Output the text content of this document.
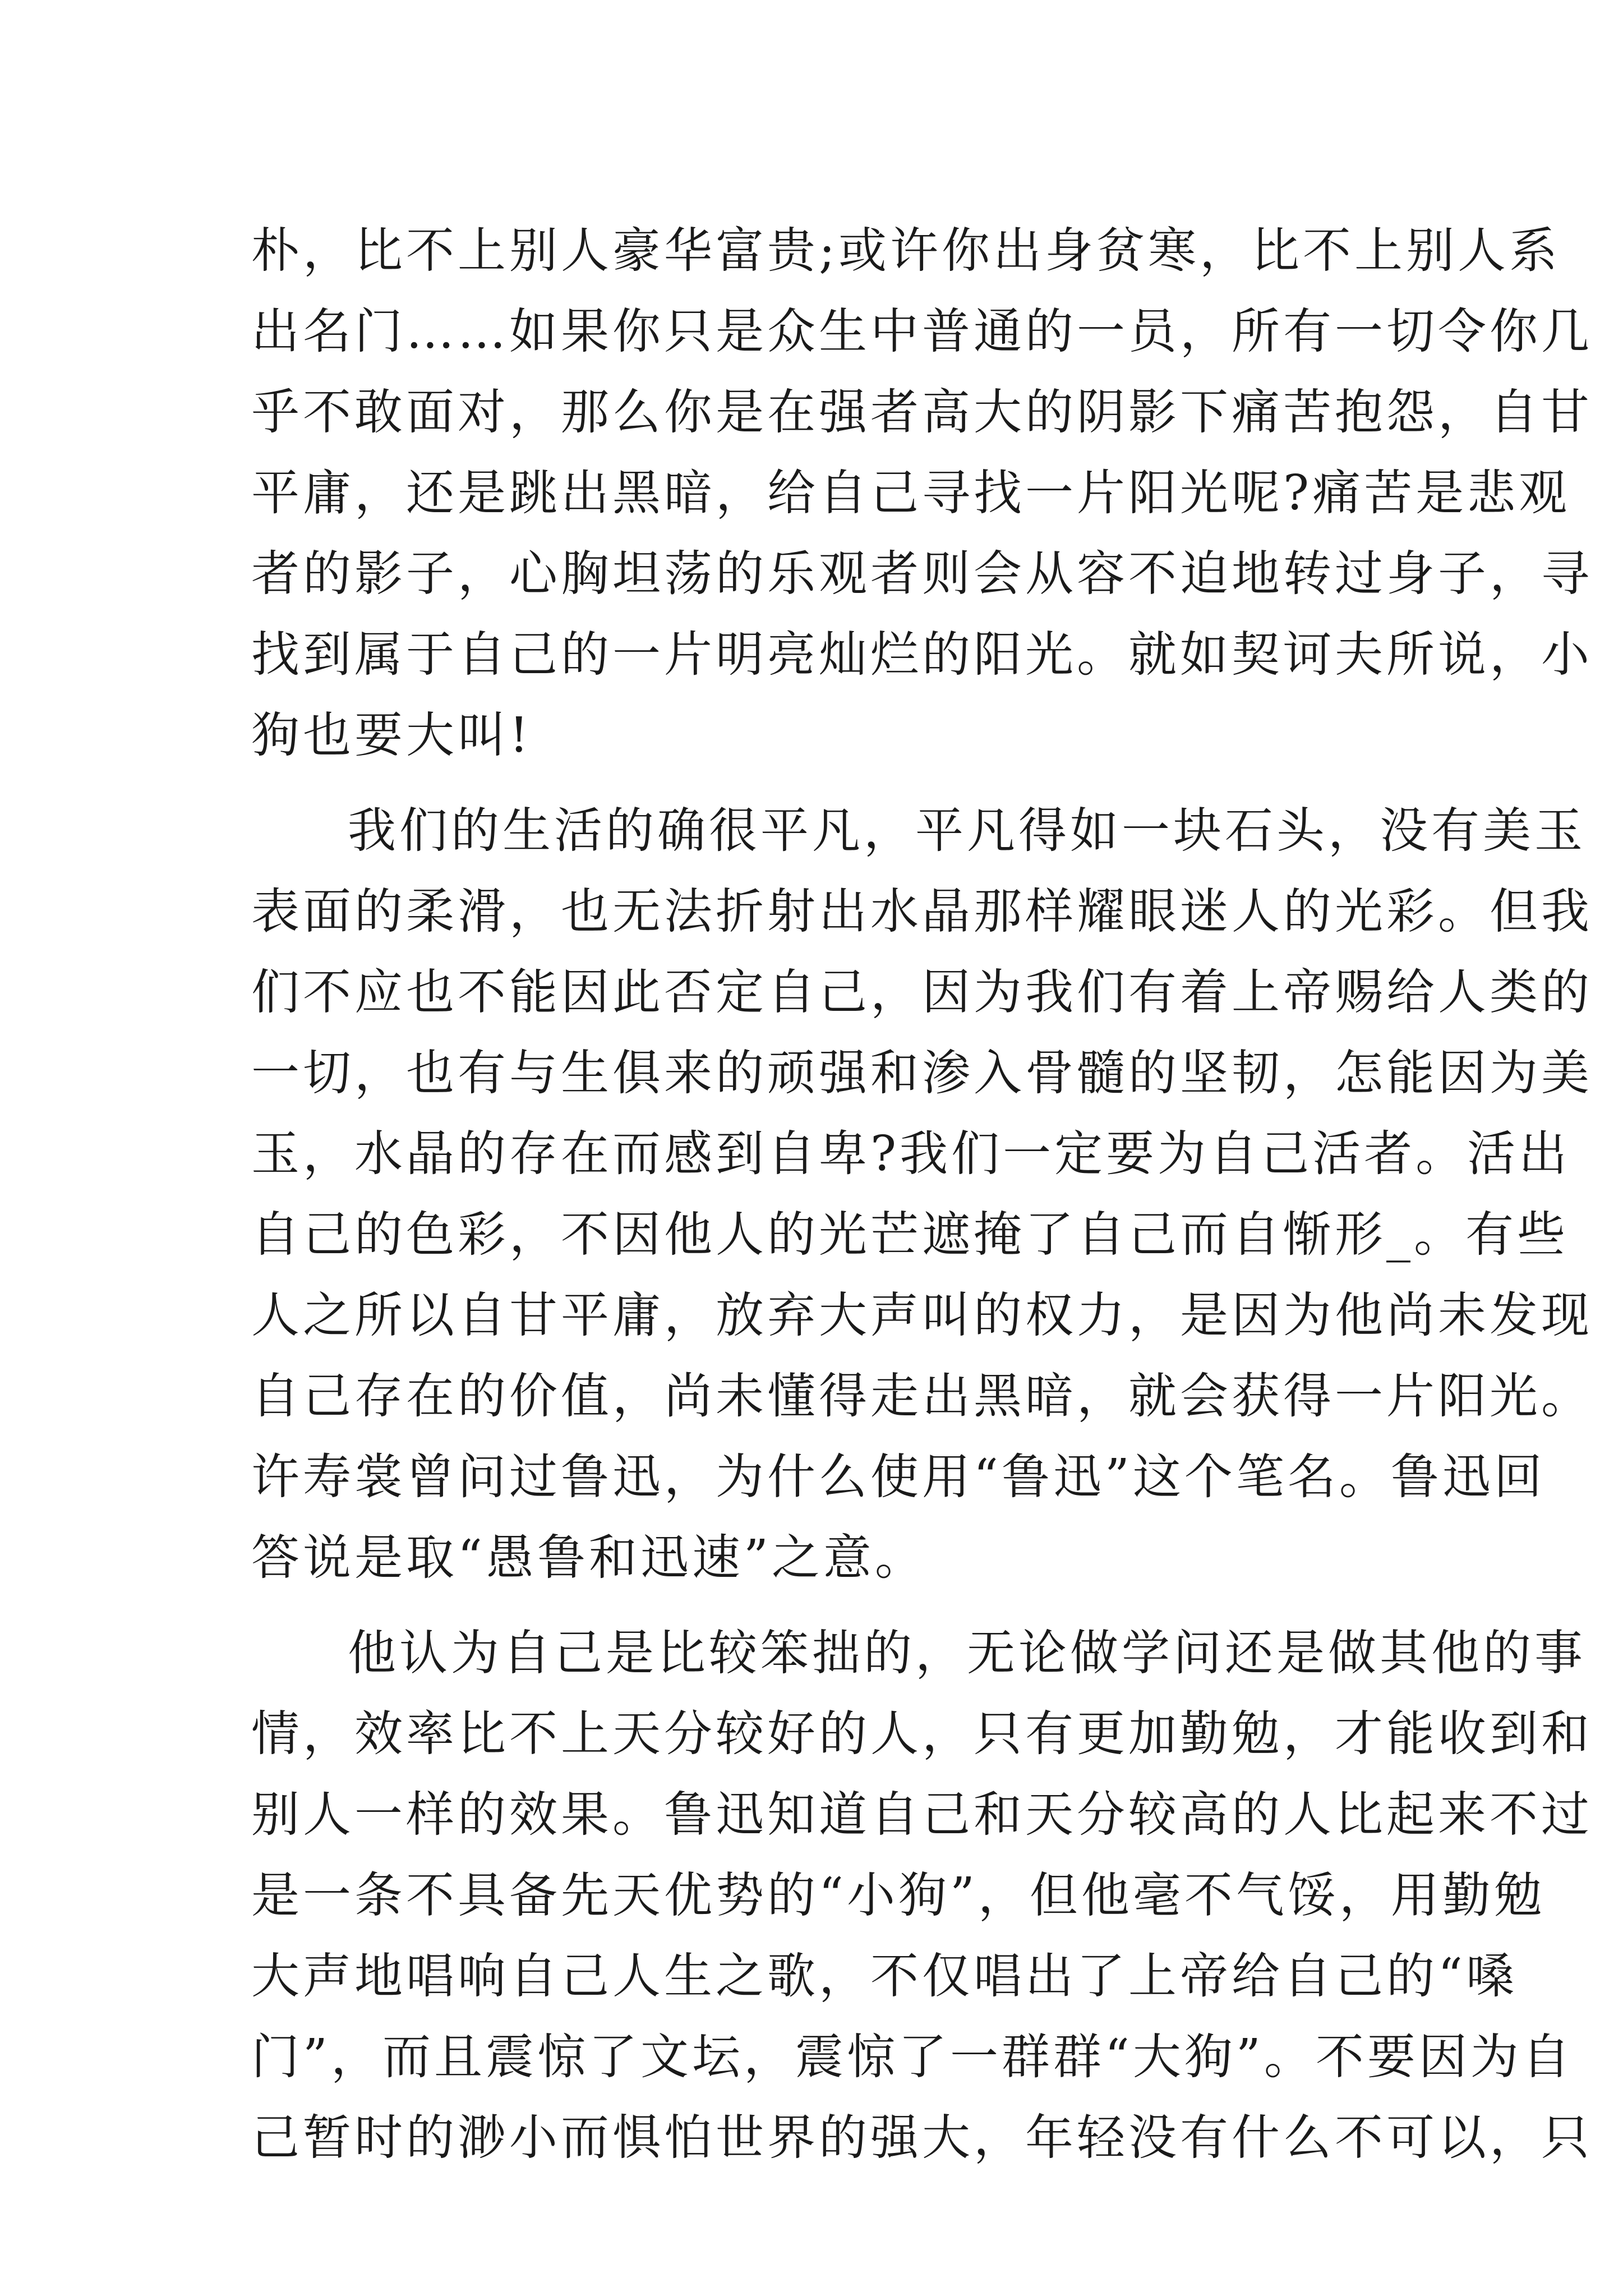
朴，比不上别人豪华富贵;或许你出身贫寒，比不上别人系
出名门……如果你只是众生中普通的一员，所有一切令你几
乎不敢面对，那么你是在强者高大的阴影下痛苦抱怨，自甘
平庸，还是跳出黑暗，给自己寻找一片阳光呢?痛苦是悲观
者的影子，心胸坦荡的乐观者则会从容不迫地转过身子，寻
找到属于自己的一片明亮灿烂的阳光。就如契诃夫所说，小
狗也要大叫!
我们的生活的确很平凡，平凡得如一块石头，没有美玉
表面的柔滑，也无法折射出水晶那样耀眼迷人的光彩。但我
们不应也不能因此否定自己，因为我们有着上帝赐给人类的
一切，也有与生俱来的顽强和渗入骨髓的坚韧，怎能因为美
玉，水晶的存在而感到自卑?我们一定要为自己活者。活出
自己的色彩，不因他人的光芒遮掩了自己而自惭形_。有些
人之所以自甘平庸，放弃大声叫的权力，是因为他尚未发现
自己存在的价值，尚未懂得走出黑暗，就会获得一片阳光。
许寿裳曾问过鲁迅，为什么使用“鲁迅”这个笔名。鲁迅回
答说是取“愚鲁和迅速”之意。
他认为自己是比较笨拙的，无论做学问还是做其他的事
情，效率比不上天分较好的人，只有更加勤勉，才能收到和
别人一样的效果。鲁迅知道自己和天分较高的人比起来不过
是一条不具备先天优势的“小狗”，但他毫不气馁，用勤勉
大声地唱响自己人生之歌，不仅唱出了上帝给自己的“嗓
门”，而且震惊了文坛，震惊了一群群“大狗”。不要因为自
己暂时的渺小而惧怕世界的强大，年轻没有什么不可以，只
